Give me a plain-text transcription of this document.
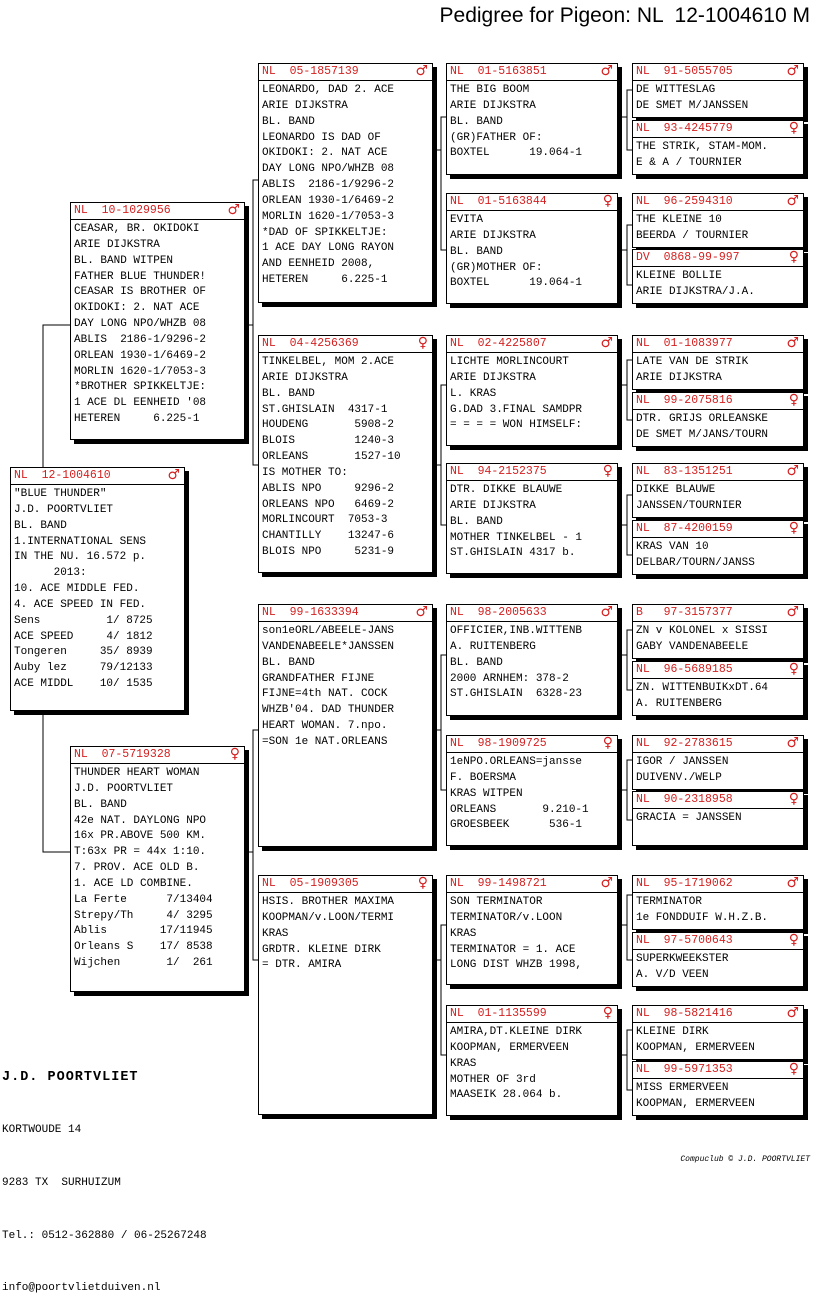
Pedigree for Pigeon: NL  12-1004610 M
NL  12-1004610	♂
"BLUE THUNDER"
J.D. POORTVLIET
BL. BAND
1.INTERNATIONAL SENS
IN THE NU. 16.572 p.
2013:
10. ACE MIDDLE FED.
4. ACE SPEED IN FED.
Sens          1/ 8725
ACE SPEED     4/ 1812
Tongeren     35/ 8939
Auby lez     79/12133
ACE MIDDL    10/ 1535
NL  10-1029956	♂
CEASAR, BR. OKIDOKI
ARIE DIJKSTRA
BL. BAND WITPEN
FATHER BLUE THUNDER!
CEASAR IS BROTHER OF
OKIDOKI: 2. NAT ACE
DAY LONG NPO/WHZB 08
ABLIS  2186-1/9296-2
ORLEAN 1930-1/6469-2
MORLIN 1620-1/7053-3
*BROTHER SPIKKELTJE:
1 ACE DL EENHEID '08
HETEREN     6.225-1
NL  07-5719328	♀
THUNDER HEART WOMAN
J.D. POORTVLIET
BL. BAND
42e NAT. DAYLONG NPO
16x PR.ABOVE 500 KM.
T:63x PR = 44x 1:10.
7. PROV. ACE OLD B.
1. ACE LD COMBINE.
La Ferte      7/13404
Strepy/Th     4/ 3295
Ablis        17/11945
Orleans S    17/ 8538
Wijchen       1/  261
NL  05-1857139	♂
LEONARDO, DAD 2. ACE
ARIE DIJKSTRA
BL. BAND
LEONARDO IS DAD OF
OKIDOKI: 2. NAT ACE
DAY LONG NPO/WHZB 08
ABLIS  2186-1/9296-2
ORLEAN 1930-1/6469-2
MORLIN 1620-1/7053-3
*DAD OF SPIKKELTJE:
1 ACE DAY LONG RAYON
AND EENHEID 2008,
HETEREN     6.225-1
NL  04-4256369	♀
TINKELBEL, MOM 2.ACE
ARIE DIJKSTRA
BL. BAND
ST.GHISLAIN  4317-1
HOUDENG       5908-2
BLOIS         1240-3
ORLEANS       1527-10
IS MOTHER TO:
ABLIS NPO     9296-2
ORLEANS NPO   6469-2
MORLINCOURT  7053-3
CHANTILLY    13247-6
BLOIS NPO     5231-9
NL  99-1633394	♂
son1eORL/ABEELE-JANS
VANDENABEELE*JANSSEN
BL. BAND
GRANDFATHER FIJNE
FIJNE=4th NAT. COCK
WHZB'04. DAD THUNDER
HEART WOMAN. 7.npo.
=SON 1e NAT.ORLEANS
NL  05-1909305	♀
HSIS. BROTHER MAXIMA
KOOPMAN/v.LOON/TERMI
KRAS
GRDTR. KLEINE DIRK
= DTR. AMIRA
NL  01-5163851	♂
THE BIG BOOM
ARIE DIJKSTRA
BL. BAND
(GR)FATHER OF:
BOXTEL      19.064-1
NL  01-5163844	♀
EVITA
ARIE DIJKSTRA
BL. BAND
(GR)MOTHER OF:
BOXTEL      19.064-1
NL  02-4225807	♂
LICHTE MORLINCOURT
ARIE DIJKSTRA
L. KRAS
G.DAD 3.FINAL SAMDPR
= = = = WON HIMSELF:
NL  94-2152375	♀
DTR. DIKKE BLAUWE
ARIE DIJKSTRA
BL. BAND
MOTHER TINKELBEL - 1
ST.GHISLAIN 4317 b.
NL  98-2005633	♂
OFFICIER,INB.WITTENB
A. RUITENBERG
BL. BAND
2000 ARNHEM: 378-2
ST.GHISLAIN  6328-23
NL  98-1909725	♀
1eNPO.ORLEANS=jansse
F. BOERSMA
KRAS WITPEN
ORLEANS       9.210-1
GROESBEEK      536-1
NL  99-1498721	♂
SON TERMINATOR
TERMINATOR/v.LOON
KRAS
TERMINATOR = 1. ACE
LONG DIST WHZB 1998,
NL  01-1135599	♀
AMIRA,DT.KLEINE DIRK
KOOPMAN, ERMERVEEN
KRAS
MOTHER OF 3rd
MAASEIK 28.064 b.
NL  91-5055705	♂
DE WITTESLAG
DE SMET M/JANSSEN
NL  93-4245779	♀
THE STRIK, STAM-MOM.
E & A / TOURNIER
NL  96-2594310	♂
THE KLEINE 10
BEERDA / TOURNIER
DV  0868-99-997	♀
KLEINE BOLLIE
ARIE DIJKSTRA/J.A.
NL  01-1083977	♂
LATE VAN DE STRIK
ARIE DIJKSTRA
NL  99-2075816	♀
DTR. GRIJS ORLEANSKE
DE SMET M/JANS/TOURN
NL  83-1351251	♂
DIKKE BLAUWE
JANSSEN/TOURNIER
NL  87-4200159	♀
KRAS VAN 10
DELBAR/TOURN/JANSS
B   97-3157377	♂
ZN v KOLONEL x SISSI
GABY VANDENABEELE
NL  96-5689185	♀
ZN. WITTENBUIKxDT.64
A. RUITENBERG
NL  92-2783615	♂
IGOR / JANSSEN
DUIVENV./WELP
NL  90-2318958	♀
GRACIA = JANSSEN
NL  95-1719062	♂
TERMINATOR
1e FONDDUIF W.H.Z.B.
NL  97-5700643	♀
SUPERKWEEKSTER
A. V/D VEEN
NL  98-5821416	♂
KLEINE DIRK
KOOPMAN, ERMERVEEN
NL  99-5971353	♀
MISS ERMERVEEN
KOOPMAN, ERMERVEEN

J.D. POORTVLIET

KORTWOUDE 14

9283 TX  SURHUIZUM

Tel.: 0512-362880 / 06-25267248

info@poortvlietduiven.nl

Compuclub © J.D. POORTVLIET
